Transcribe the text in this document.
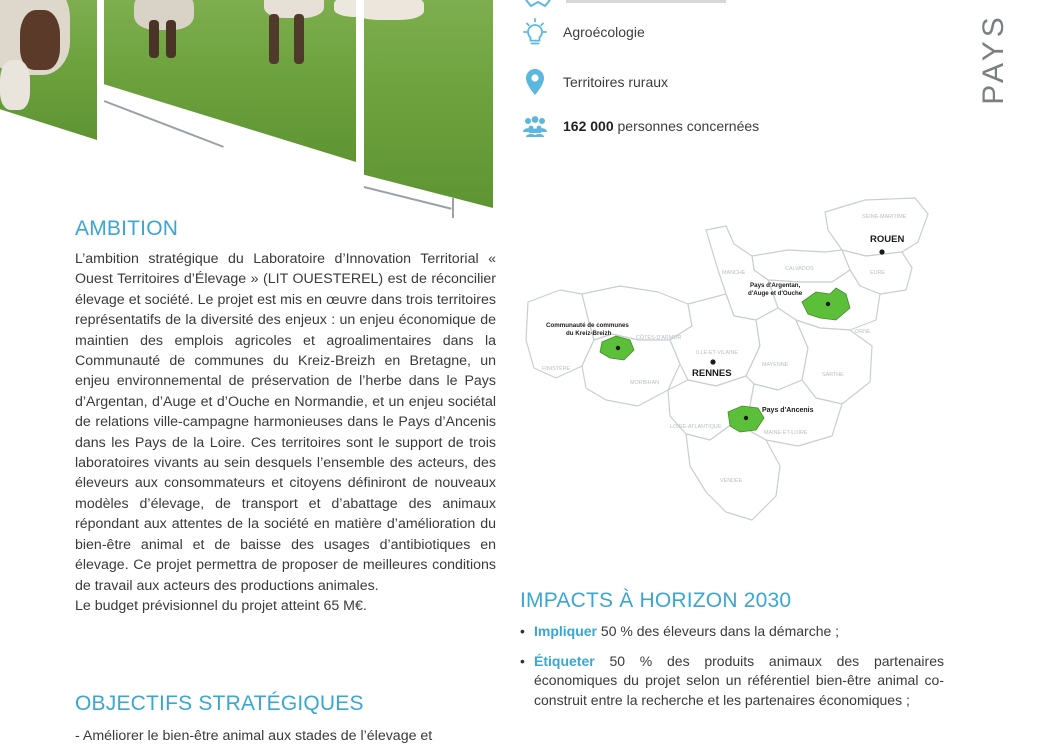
PAYS
Agroécologie
Territoires ruraux
162 000 personnes concernées
AMBITION

L’ambition stratégique du Laboratoire d’Innovation Territorial « Ouest Territoires d’Élevage » (LIT OUESTEREL) est de réconcilier élevage et société. Le projet est mis en œuvre dans trois territoires représentatifs de la diversité des enjeux : un enjeu économique de maintien des emplois agricoles et agroalimentaires dans la Communauté de communes du Kreiz-Breizh en Bretagne, un enjeu environnemental de préservation de l’herbe dans le Pays d’Argentan, d’Auge et d’Ouche en Normandie, et un enjeu sociétal de relations ville-campagne harmonieuses dans le Pays d’Ancenis dans les Pays de la Loire. Ces territoires sont le support de trois laboratoires vivants au sein desquels l’ensemble des acteurs, des éleveurs aux consommateurs et citoyens définiront de nouveaux modèles d’élevage, de transport et d’abattage des animaux répondant aux attentes de la société en matière d’amélioration du bien-être animal et de baisse des usages d’antibiotiques en élevage. Ce projet permettra de proposer de meilleures conditions de travail aux acteurs des productions animales.

Le budget prévisionnel du projet atteint 65 M€.

OBJECTIFS STRATÉGIQUES
- Améliorer le bien-être animal aux stades de l’élevage et
SEINE-MARITIME
EURE
CALVADOS
MANCHE
ORNE
CÔTES-D'ARMOR
ILLE-ET-VILAINE
FINISTÈRE
MORBIHAN
MAYENNE
SARTHE
LOIRE-ATLANTIQUE
MAINE-ET-LOIRE
VENDÉE
ROUEN
RENNES
Communauté de communes
du Kreiz-Breizh
Pays d'Argentan,
d'Auge et d'Ouche
Pays d'Ancenis
IMPACTS À HORIZON 2030
• Impliquer 50 % des éleveurs dans la démarche ;
• Étiqueter 50 % des produits animaux des partenaires économiques du projet selon un référentiel bien-être animal co-construit entre la recherche et les partenaires économiques ;
